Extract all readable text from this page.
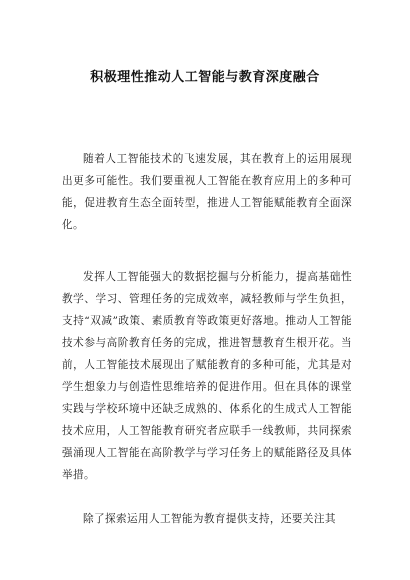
积极理性推动人工智能与教育深度融合

随着人工智能技术的飞速发展，其在教育上的运用展现出更多可能性。我们要重视人工智能在教育应用上的多种可能，促进教育生态全面转型，推进人工智能赋能教育全面深化。

发挥人工智能强大的数据挖掘与分析能力，提高基础性教学、学习、管理任务的完成效率，减轻教师与学生负担，支持“双减”政策、素质教育等政策更好落地。推动人工智能技术参与高阶教育任务的完成，推进智慧教育生根开花。当前，人工智能技术展现出了赋能教育的多种可能，尤其是对学生想象力与创造性思维培养的促进作用。但在具体的课堂实践与学校环境中还缺乏成熟的、体系化的生成式人工智能技术应用，人工智能教育研究者应联手一线教师，共同探索强涌现人工智能在高阶教学与学习任务上的赋能路径及具体举措。

除了探索运用人工智能为教育提供支持，还要关注其
